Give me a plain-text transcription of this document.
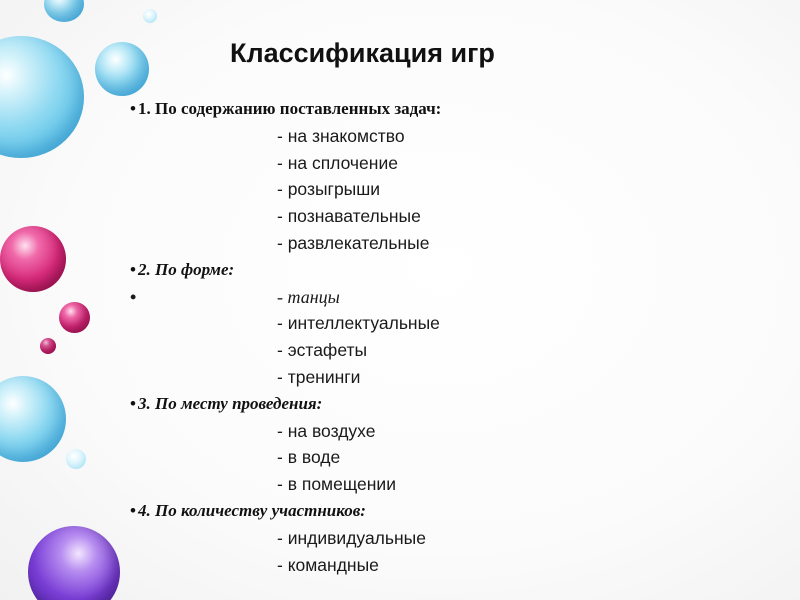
Классификация игр
• 1. По содержанию поставленных задач:
- на знакомство
- на сплочение
- розыгрыши
- познавательные
- развлекательные
• 2. По форме:
•	- танцы
- интеллектуальные
- эстафеты
- тренинги
• 3. По месту проведения:
- на воздухе
- в воде
- в помещении
• 4. По количеству участников:
- индивидуальные
- командные
